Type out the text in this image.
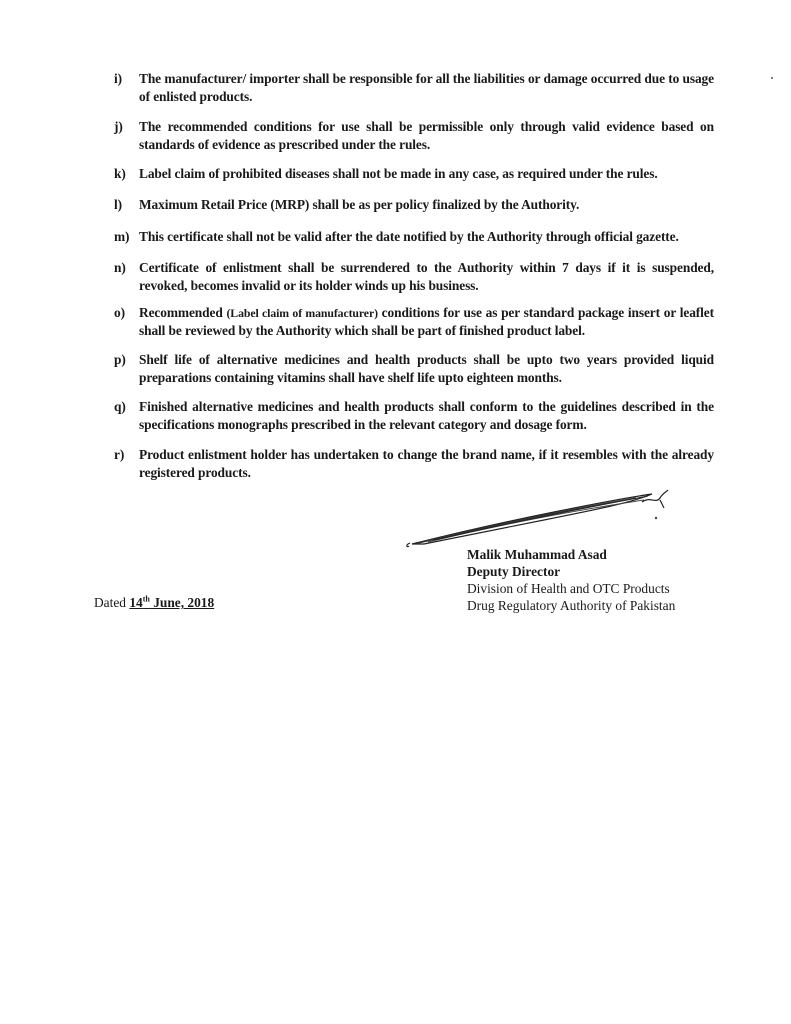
i)	The manufacturer/ importer shall be responsible for all the liabilities or damage occurred due to usage of enlisted products.
j)	The recommended conditions for use shall be permissible only through valid evidence based on standards of evidence as prescribed under the rules.
k) Label claim of prohibited diseases shall not be made in any case, as required under the rules.
l)	Maximum Retail Price (MRP) shall be as per policy finalized by the Authority.
m) This certificate shall not be valid after the date notified by the Authority through official gazette.
n) Certificate of enlistment shall be surrendered to the Authority within 7 days if it is suspended, revoked, becomes invalid or its holder winds up his business.
o)	Recommended (Label claim of manufacturer) conditions for use as per standard package insert or leaflet shall be reviewed by the Authority which shall be part of finished product label.
p) Shelf life of alternative medicines and health products shall be upto two years provided liquid preparations containing vitamins shall have shelf life upto eighteen months.
q) Finished alternative medicines and health products shall conform to the guidelines described in the specifications monographs prescribed in the relevant category and dosage form.
r)	Product enlistment holder has undertaken to change the brand name, if it resembles with the already registered products.
Malik Muhammad Asad
Deputy Director
Division of Health and OTC Products
Drug Regulatory Authority of Pakistan
Dated 14th June, 2018
